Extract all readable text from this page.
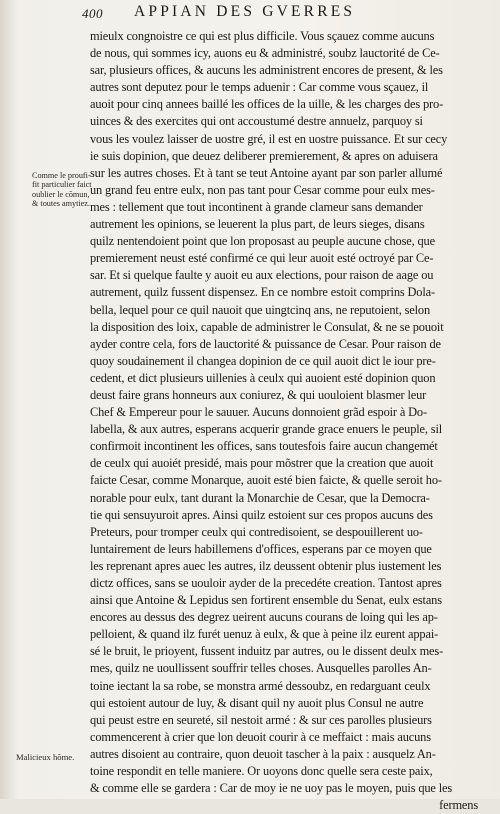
400 APPIAN DES GVERRES
Comme le proufi-
fit particulier faict
oublier le cõmun,
& toutes amytiez.
Malicieux hõme.
mieulx congnoistre ce qui est plus difficile. Vous sçauez comme aucuns
de nous, qui sommes icy, auons eu & administré, soubz lauctorité de Ce-
sar, plusieurs offices, & aucuns les administrent encores de present, & les
autres sont deputez pour le temps aduenir : Car comme vous sçauez, il
auoit pour cinq annees baillé les offices de la uille, & les charges des pro-
uinces & des exercites qui ont accoustumé destre annuelz, parquoy si
vous les voulez laisser de uostre gré, il est en uostre puissance. Et sur cecy
ie suis dopinion, que deuez deliberer premierement, & apres on aduisera
sur les autres choses. Et à tant se teut Antoine ayant par son parler allumé
un grand feu entre eulx, non pas tant pour Cesar comme pour eulx mes-
mes : tellement que tout incontinent à grande clameur sans demander
autrement les opinions, se leuerent la plus part, de leurs sieges, disans
quilz nentendoient point que lon proposast au peuple aucune chose, que
premierement neust esté confirmé ce qui leur auoit esté octroyé par Ce-
sar. Et si quelque faulte y auoit eu aux elections, pour raison de aage ou
autrement, quilz fussent dispensez. En ce nombre estoit comprins Dola-
bella, lequel pour ce quil nauoit que uingtcinq ans, ne reputoient, selon
la disposition des loix, capable de administrer le Consulat, & ne se pouoit
ayder contre cela, fors de lauctorité & puissance de Cesar. Pour raison de
quoy soudainement il changea dopinion de ce quil auoit dict le iour pre-
cedent, et dict plusieurs uillenies à ceulx qui auoient esté dopinion quon
deust faire grans honneurs aux coniurez, & qui uouloient blasmer leur
Chef & Empereur pour le sauuer. Aucuns donnoient grãd espoir à Do-
labella, & aux autres, esperans acquerir grande grace enuers le peuple, sil
confirmoit incontinent les offices, sans toutesfois faire aucun changemét
de ceulx qui auoiét presidé, mais pour mõstrer que la creation que auoit
faicte Cesar, comme Monarque, auoit esté bien faicte, & quelle seroit ho-
norable pour eulx, tant durant la Monarchie de Cesar, que la Democra-
tie qui sensuyuroit apres. Ainsi quilz estoient sur ces propos aucuns des
Preteurs, pour tromper ceulx qui contredisoient, se despouillerent uo-
luntairement de leurs habillemens d'offices, esperans par ce moyen que
les reprenant apres auec les autres, ilz deussent obtenir plus iustement les
dictz offices, sans se uouloir ayder de la precedéte creation. Tantost apres
ainsi que Antoine & Lepidus sen fortirent ensemble du Senat, eulx estans
encores au dessus des degrez ueirent aucuns courans de loing qui les ap-
pelloient, & quand ilz furét uenuz à eulx, & que à peine ilz eurent appai-
sé le bruit, le prioyent, fussent induitz par autres, ou le dissent deulx mes-
mes, quilz ne uoullissent souffrir telles choses. Ausquelles parolles An-
toine iectant la sa robe, se monstra armé dessoubz, en redarguant ceulx
qui estoient autour de luy, & disant quil ny auoit plus Consul ne autre
qui peust estre en seureté, sil nestoit armé : & sur ces parolles plusieurs
commencerent à crier que lon deuoit courir à ce meffaict : mais aucuns
autres disoient au contraire, quon deuoit tascher à la paix : ausquelz An-
toine respondit en telle maniere. Or uoyons donc quelle sera ceste paix,
& comme elle se gardera : Car de moy ie ne uoy pas le moyen, puis que les
fermens
